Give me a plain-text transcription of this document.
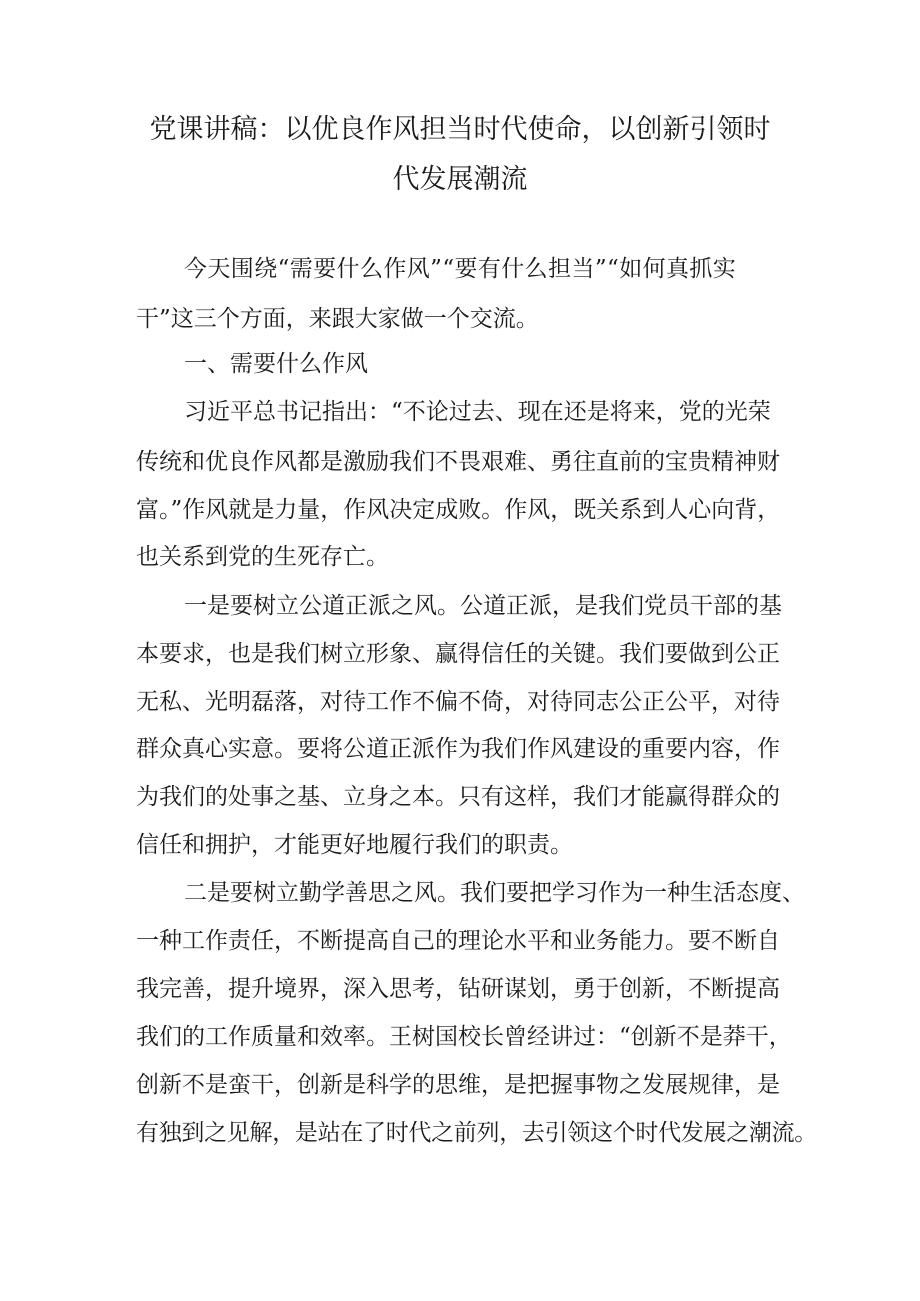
党课讲稿：以优良作风担当时代使命，以创新引领时
代发展潮流
今天围绕“需要什么作风”“要有什么担当”“如何真抓实
干”这三个方面，来跟大家做一个交流。
一、需要什么作风
习近平总书记指出：“不论过去、现在还是将来，党的光荣
传统和优良作风都是激励我们不畏艰难、勇往直前的宝贵精神财
富。”作风就是力量，作风决定成败。作风，既关系到人心向背，
也关系到党的生死存亡。
一是要树立公道正派之风。公道正派，是我们党员干部的基
本要求，也是我们树立形象、赢得信任的关键。我们要做到公正
无私、光明磊落，对待工作不偏不倚，对待同志公正公平，对待
群众真心实意。要将公道正派作为我们作风建设的重要内容，作
为我们的处事之基、立身之本。只有这样，我们才能赢得群众的
信任和拥护，才能更好地履行我们的职责。
二是要树立勤学善思之风。我们要把学习作为一种生活态度、
一种工作责任，不断提高自己的理论水平和业务能力。要不断自
我完善，提升境界，深入思考，钻研谋划，勇于创新，不断提高
我们的工作质量和效率。王树国校长曾经讲过：“创新不是莽干，
创新不是蛮干，创新是科学的思维，是把握事物之发展规律，是
有独到之见解，是站在了时代之前列，去引领这个时代发展之潮流。
